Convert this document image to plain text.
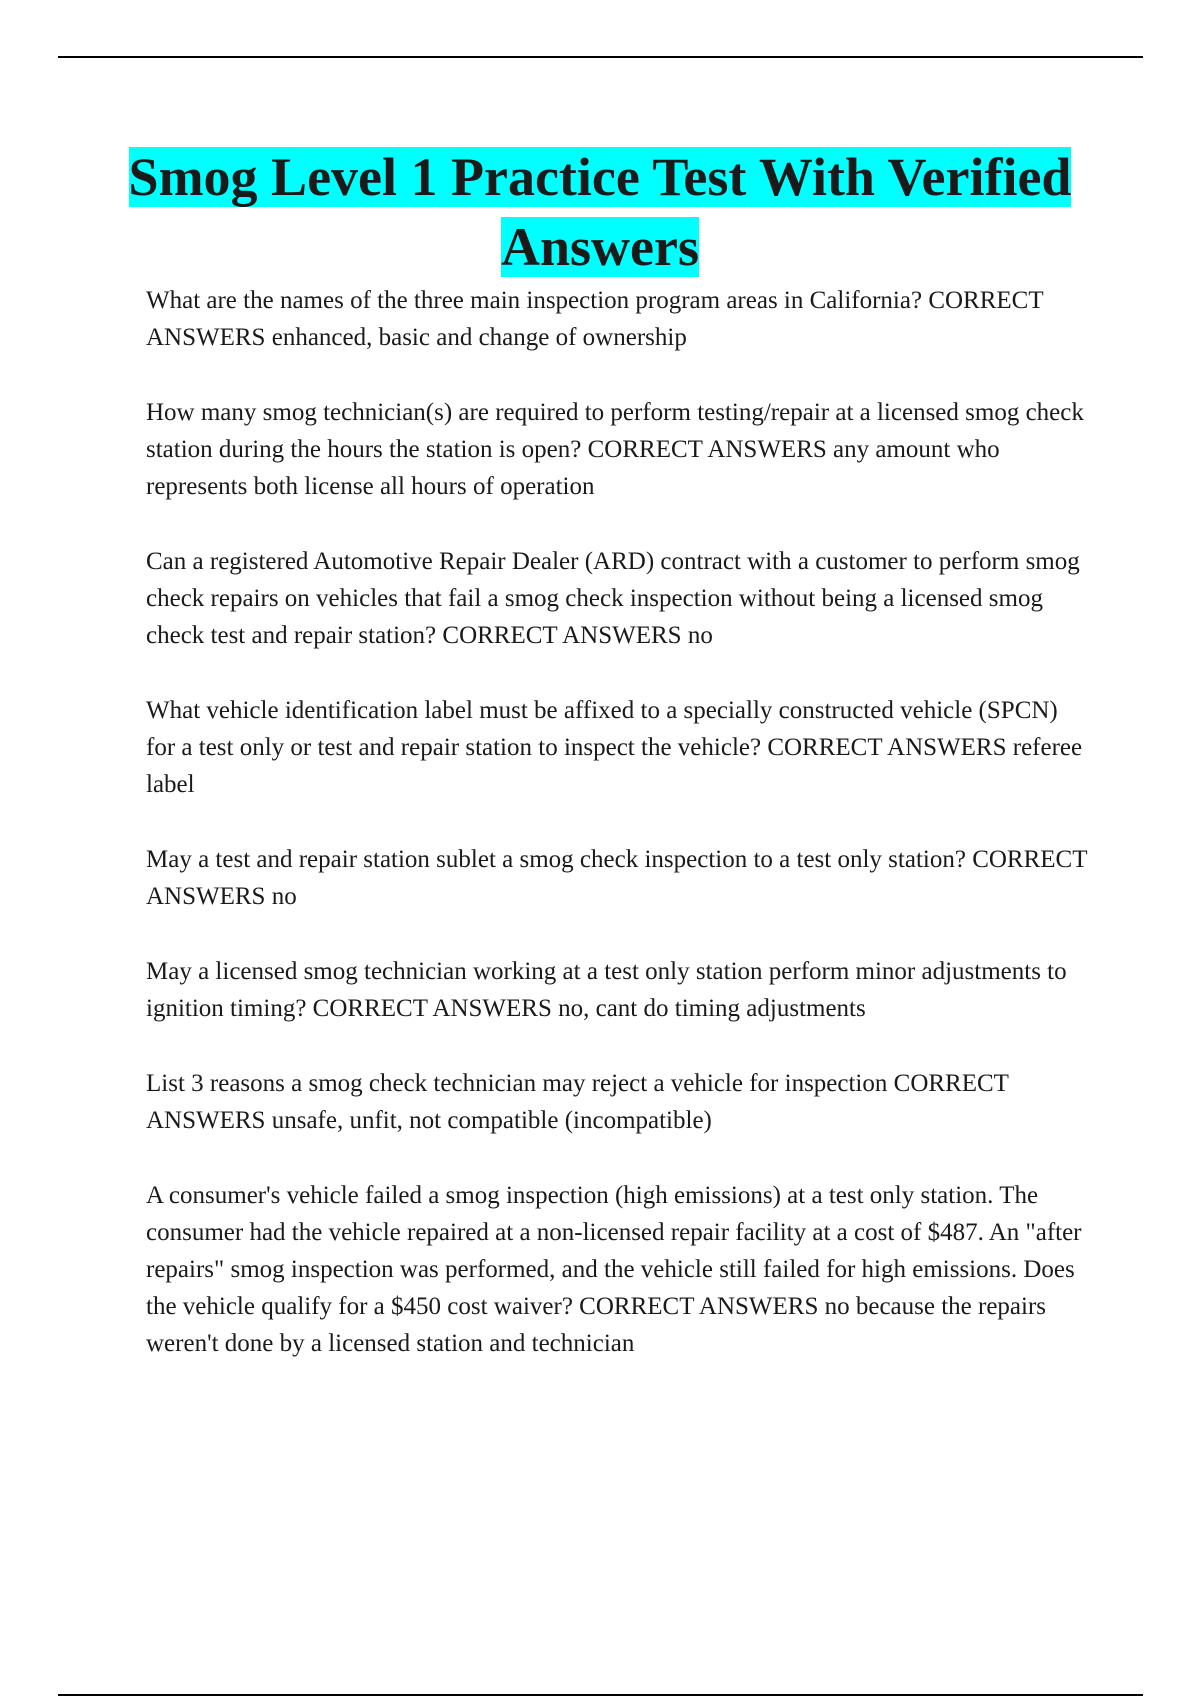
Smog Level 1 Practice Test With Verified Answers

What are the names of the three main inspection program areas in California? CORRECT ANSWERS enhanced, basic and change of ownership

How many smog technician(s) are required to perform testing/repair at a licensed smog check station during the hours the station is open? CORRECT ANSWERS any amount who represents both license all hours of operation

Can a registered Automotive Repair Dealer (ARD) contract with a customer to perform smog check repairs on vehicles that fail a smog check inspection without being a licensed smog check test and repair station? CORRECT ANSWERS no

What vehicle identification label must be affixed to a specially constructed vehicle (SPCN) for a test only or test and repair station to inspect the vehicle? CORRECT ANSWERS referee label

May a test and repair station sublet a smog check inspection to a test only station? CORRECT ANSWERS no

May a licensed smog technician working at a test only station perform minor adjustments to ignition timing? CORRECT ANSWERS no, cant do timing adjustments

List 3 reasons a smog check technician may reject a vehicle for inspection CORRECT ANSWERS unsafe, unfit, not compatible (incompatible)

A consumer's vehicle failed a smog inspection (high emissions) at a test only station. The consumer had the vehicle repaired at a non-licensed repair facility at a cost of $487. An "after repairs" smog inspection was performed, and the vehicle still failed for high emissions. Does the vehicle qualify for a $450 cost waiver? CORRECT ANSWERS no because the repairs weren't done by a licensed station and technician
